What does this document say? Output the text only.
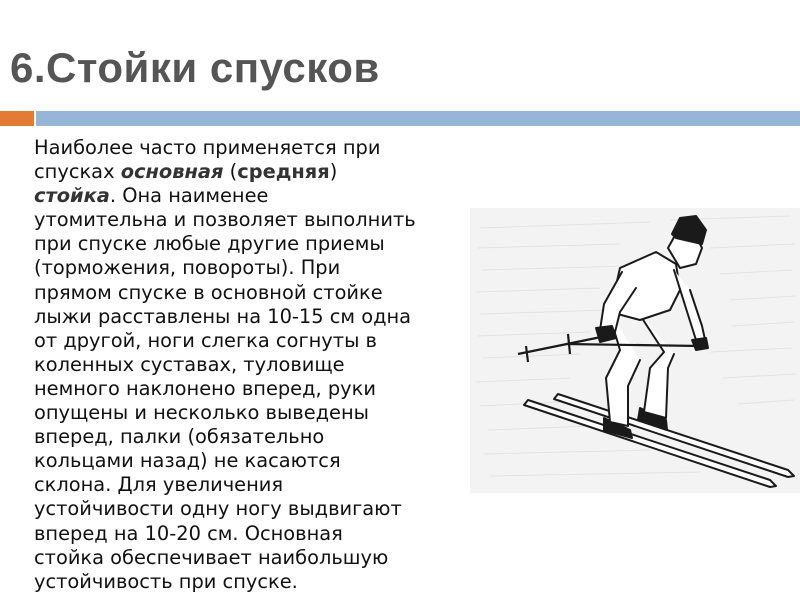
6.Стойки спусков
Наиболее часто применяется при
спусках основная (средняя)
стойка. Она наименее
утомительна и позволяет выполнить
при спуске любые другие приемы
(торможения, повороты). При
прямом спуске в основной стойке
лыжи расставлены на 10-15 см одна
от другой, ноги слегка согнуты в
коленных суставах, туловище
немного наклонено вперед, руки
опущены и несколько выведены
вперед, палки (обязательно
кольцами назад) не касаются
склона. Для увеличения
устойчивости одну ногу выдвигают
вперед на 10-20 см. Основная
стойка обеспечивает наибольшую
устойчивость при спуске.
